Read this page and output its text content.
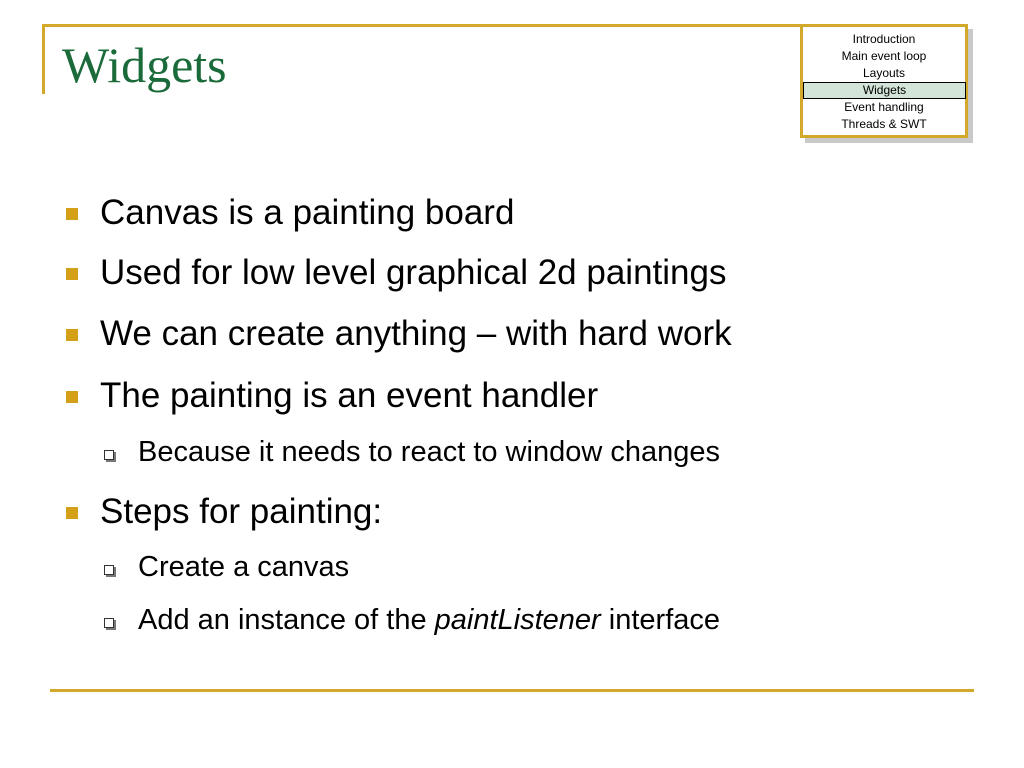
Widgets	Introduction
Main event loop
Layouts
Widgets
Event handling
Threads & SWT
Canvas is a painting board
Used for low level graphical 2d paintings
We can create anything – with hard work
The painting is an event handler
Because it needs to react to window changes
Steps for painting:
Create a canvas
Add an instance of the paintListener interface
